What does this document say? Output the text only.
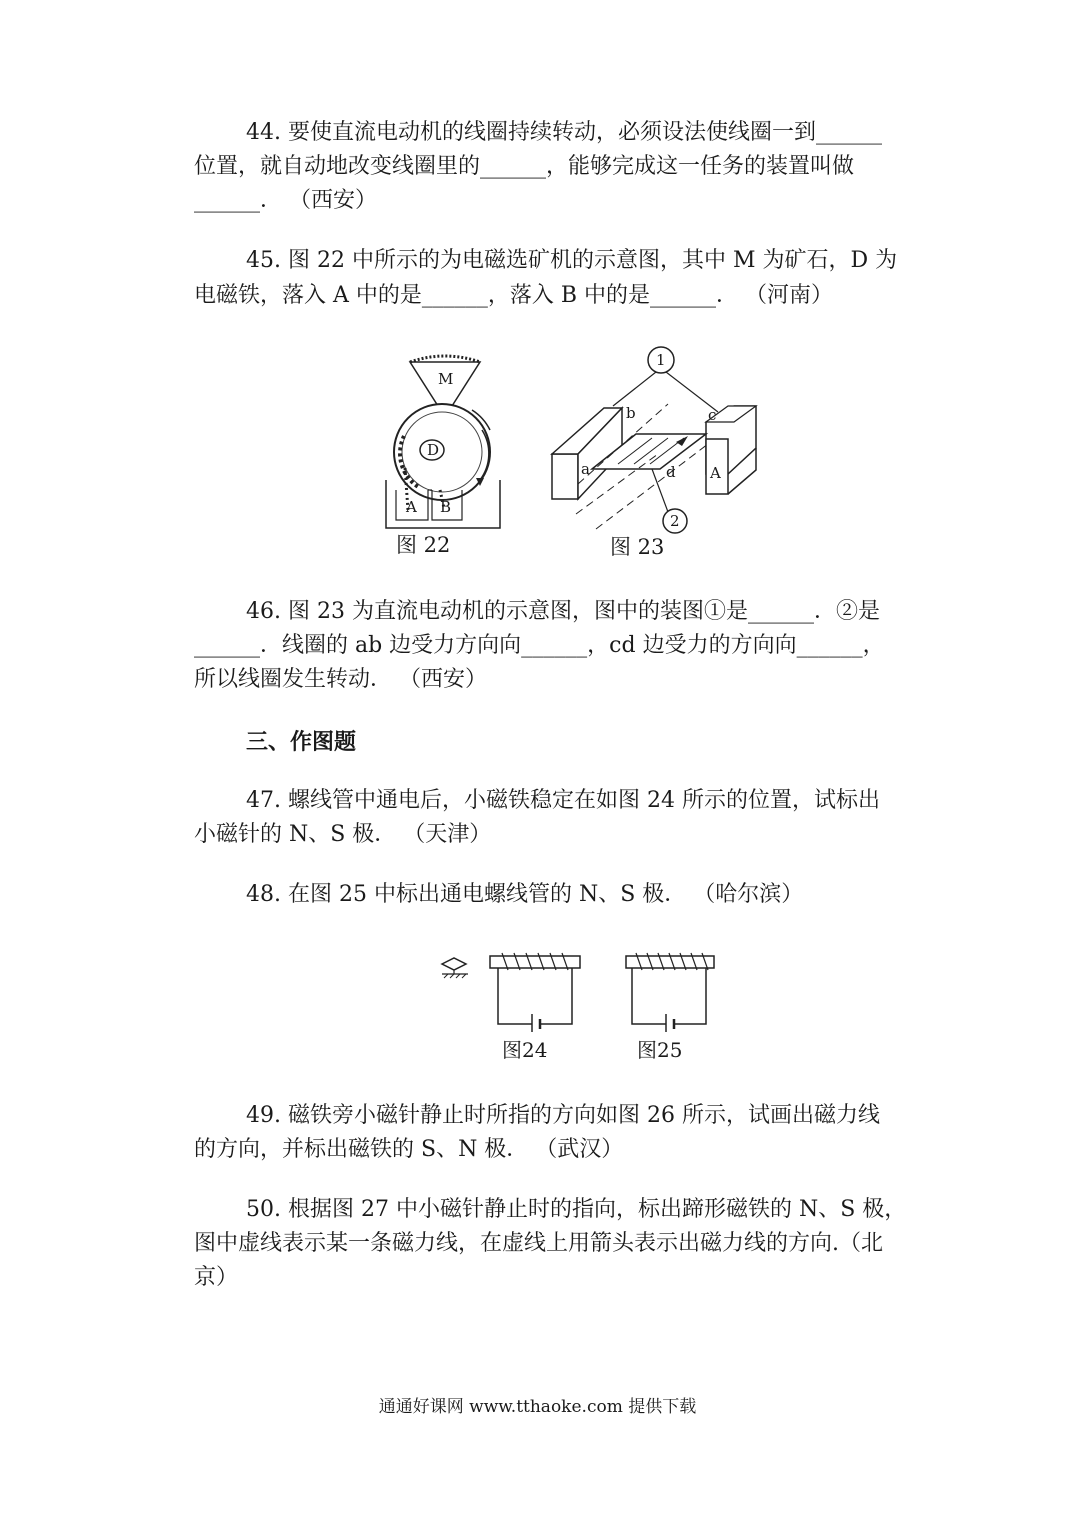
44. 要使直流电动机的线圈持续转动，必须设法使线圈一到______
位置，就自动地改变线圈里的______，能够完成这一任务的装置叫做
______． （西安）
45. 图 22 中所示的为电磁选矿机的示意图，其中 M 为矿石，D 为
电磁铁，落入 A 中的是______，落入 B 中的是______． （河南）
M
D
A B
图 22
1
a	A
b	c
d
2
图 23
46. 图 23 为直流电动机的示意图，图中的装图①是______．②是
______．线圈的 ab 边受力方向向______，cd 边受力的方向向______，
所以线圈发生转动． （西安）
三、作图题
47. 螺线管中通电后，小磁铁稳定在如图 24 所示的位置，试标出
小磁针的 N、S 极． （天津）
48. 在图 25 中标出通电螺线管的 N、S 极． （哈尔滨）
图24	图25
49. 磁铁旁小磁针静止时所指的方向如图 26 所示，试画出磁力线
的方向，并标出磁铁的 S、N 极． （武汉）
50. 根据图 27 中小磁针静止时的指向，标出蹄形磁铁的 N、S 极，
图中虚线表示某一条磁力线，在虚线上用箭头表示出磁力线的方向.（北
京）
通通好课网 www.tthaoke.com 提供下载
